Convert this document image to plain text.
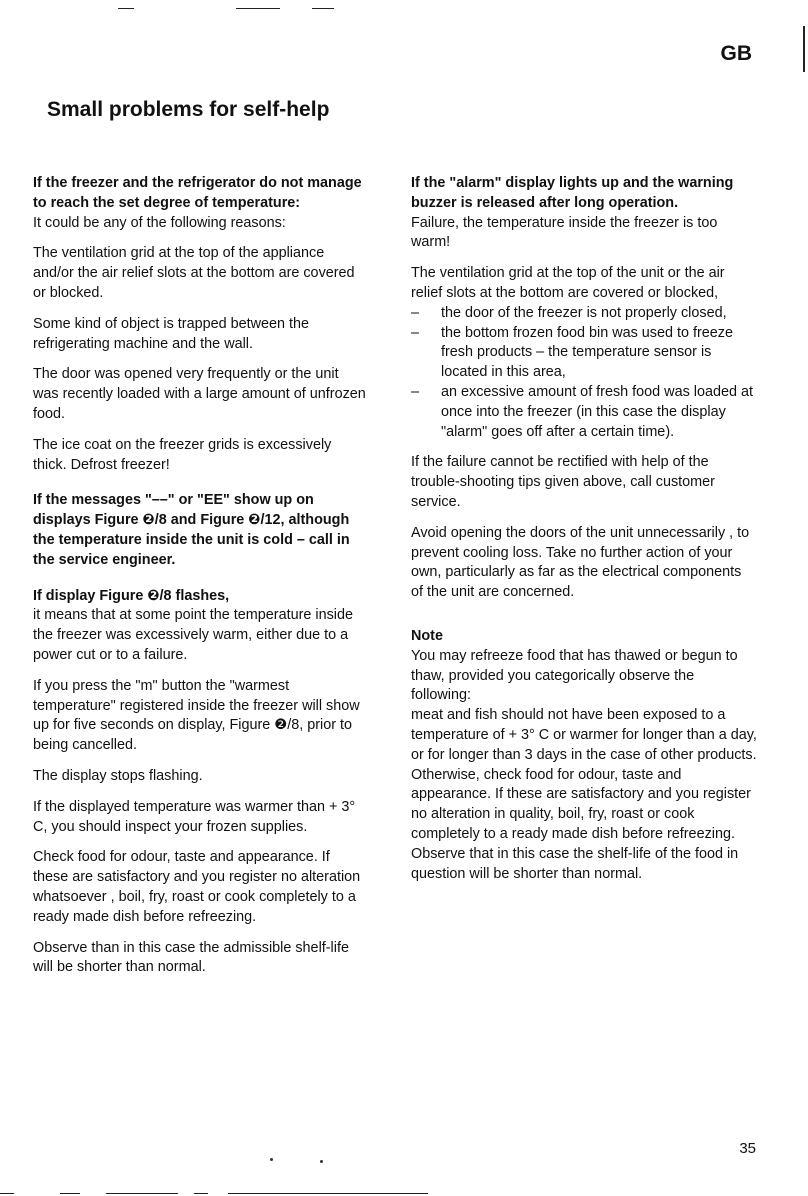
GB
Small problems for self-help

If the freezer and the refrigerator do not manage to reach the set degree of temperature:

It could be any of the following reasons:

The ventilation grid at the top of the appliance and/or the air relief slots at the bottom are covered or blocked.

Some kind of object is trapped between the refrigerating machine and the wall.

The door was opened very frequently or the unit was recently loaded with a large amount of unfrozen food.

The ice coat on the freezer grids is excessively thick. Defrost freezer!

If the messages "––" or "EE" show up on displays Figure ❷/8 and Figure ❷/12, although the temperature inside the unit is cold – call in the service engineer.

If display Figure ❷/8 flashes,

it means that at some point the temperature inside the freezer was excessively warm, either due to a power cut or to a failure.

If you press the "m" button the "warmest temperature" registered inside the freezer will show up for five seconds on display, Figure ❷/8, prior to being cancelled.

The display stops flashing.

If the displayed temperature was warmer than + 3° C, you should inspect your frozen supplies.

Check food for odour, taste and appearance. If these are satisfactory and you register no alteration whatsoever , boil, fry, roast or cook completely to a ready made dish before refreezing.

Observe than in this case the admissible shelf-life will be shorter than normal.

If the "alarm" display lights up and the warning buzzer is released after long operation.

Failure, the temperature inside the freezer is too warm!

The ventilation grid at the top of the unit or the air relief slots at the bottom are covered or blocked,

– the door of the freezer is not properly closed,
– the bottom frozen food bin was used to freeze fresh products – the temperature sensor is located in this area,
– an excessive amount of fresh food was loaded at once into the freezer (in this case the display "alarm" goes off after a certain time).

If the failure cannot be rectified with help of the trouble-shooting tips given above, call customer service.

Avoid opening the doors of the unit unnecessarily , to prevent cooling loss. Take no further action of your own, particularly as far as the electrical components of the unit are concerned.

Note

You may refreeze food that has thawed or begun to thaw, provided you categorically observe the following:

meat and fish should not have been exposed to a temperature of + 3° C or warmer for longer than a day, or for longer than 3 days in the case of other products.

Otherwise, check food for odour, taste and appearance. If these are satisfactory and you register no alteration in quality, boil, fry, roast or cook completely to a ready made dish before refreezing.

Observe that in this case the shelf-life of the food in question will be shorter than normal.

35
